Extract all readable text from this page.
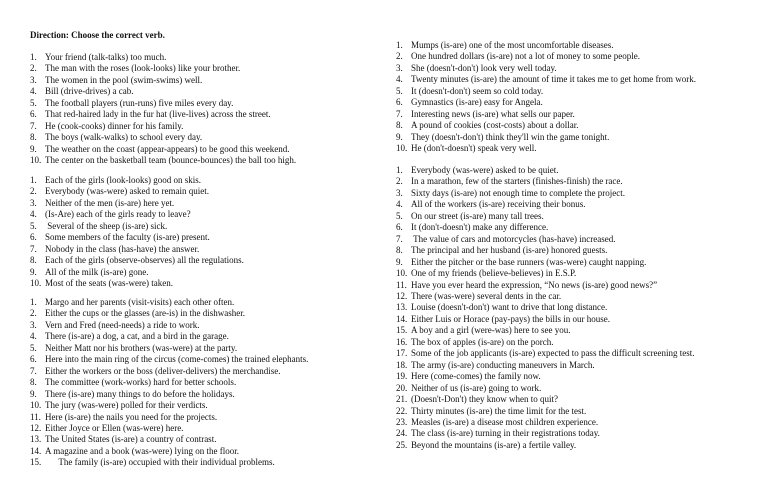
Direction: Choose the correct verb.
1. Your friend (talk-talks) too much.
2. The man with the roses (look-looks) like your brother.
3. The women in the pool (swim-swims) well.
4. Bill (drive-drives) a cab.
5. The football players (run-runs) five miles every day.
6. That red-haired lady in the fur hat (live-lives) across the street.
7. He (cook-cooks) dinner for his family.
8. The boys (walk-walks) to school every day.
9. The weather on the coast (appear-appears) to be good this weekend.
10. The center on the basketball team (bounce-bounces) the ball too high.
1. Each of the girls (look-looks) good on skis.
2. Everybody (was-were) asked to remain quiet.
3. Neither of the men (is-are) here yet.
4. (Is-Are) each of the girls ready to leave?
5. Several of the sheep (is-are) sick.
6. Some members of the faculty (is-are) present.
7. Nobody in the class (has-have) the answer.
8. Each of the girls (observe-observes) all the regulations.
9. All of the milk (is-are) gone.
10. Most of the seats (was-were) taken.
1. Margo and her parents (visit-visits) each other often.
2. Either the cups or the glasses (are-is) in the dishwasher.
3. Vern and Fred (need-needs) a ride to work.
4. There (is-are) a dog, a cat, and a bird in the garage.
5. Neither Matt nor his brothers (was-were) at the party.
6. Here into the main ring of the circus (come-comes) the trained elephants.
7. Either the workers or the boss (deliver-delivers) the merchandise.
8. The committee (work-works) hard for better schools.
9. There (is-are) many things to do before the holidays.
10. The jury (was-were) polled for their verdicts.
11. Here (is-are) the nails you need for the projects.
12. Either Joyce or Ellen (was-were) here.
13. The United States (is-are) a country of contrast.
14. A magazine and a book (was-were) lying on the floor.
15. The family (is-are) occupied with their individual problems.
1. Mumps (is-are) one of the most uncomfortable diseases.
2. One hundred dollars (is-are) not a lot of money to some people.
3. She (doesn't-don't) look very well today.
4. Twenty minutes (is-are) the amount of time it takes me to get home from work.
5. It (doesn't-don't) seem so cold today.
6. Gymnastics (is-are) easy for Angela.
7. Interesting news (is-are) what sells our paper.
8. A pound of cookies (cost-costs) about a dollar.
9. They (doesn't-don't) think they'll win the game tonight.
10. He (don't-doesn't) speak very well.
1. Everybody (was-were) asked to be quiet.
2. In a marathon, few of the starters (finishes-finish) the race.
3. Sixty days (is-are) not enough time to complete the project.
4. All of the workers (is-are) receiving their bonus.
5. On our street (is-are) many tall trees.
6. It (don't-doesn't) make any difference.
7. The value of cars and motorcycles (has-have) increased.
8. The principal and her husband (is-are) honored guests.
9. Either the pitcher or the base runners (was-were) caught napping.
10. One of my friends (believe-believes) in E.S.P.
11. Have you ever heard the expression, “No news (is-are) good news?”
12. There (was-were) several dents in the car.
13. Louise (doesn't-don't) want to drive that long distance.
14. Either Luis or Horace (pay-pays) the bills in our house.
15. A boy and a girl (were-was) here to see you.
16. The box of apples (is-are) on the porch.
17. Some of the job applicants (is-are) expected to pass the difficult screening test.
18. The army (is-are) conducting maneuvers in March.
19. Here (come-comes) the family now.
20. Neither of us (is-are) going to work.
21. (Doesn't-Don't) they know when to quit?
22. Thirty minutes (is-are) the time limit for the test.
23. Measles (is-are) a disease most children experience.
24. The class (is-are) turning in their registrations today.
25. Beyond the mountains (is-are) a fertile valley.
